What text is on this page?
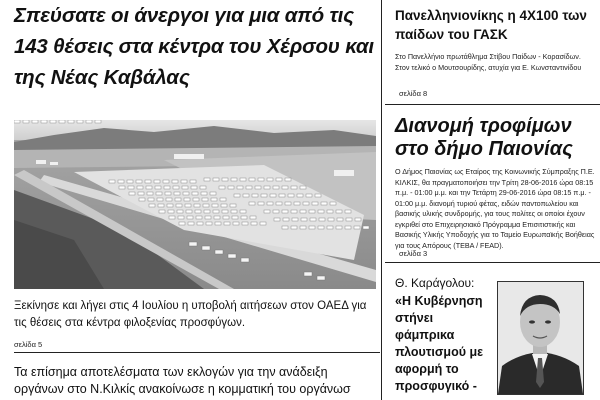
Σπεύσατε οι άνεργοι για μια από τις 143 θέσεις στα κέντρα του Χέρσου και της Νέας Καβάλας
Ξεκίνησε και λήγει στις 4 Ιουλίου η υποβολή αιτήσεων στον ΟΑΕΔ για τις θέσεις στα κέντρα φιλοξενίας προσφύγων.
σελίδα 5
Τα επίσημα αποτελέσματα των εκλογών για την ανάδειξη οργάνων στο Ν.Κιλκίς ανακοίνωσε η κομματική του οργάνωσ
Πανελληνιονίκης η 4Χ100 των παίδων του ΓΑΣΚ
Στο Πανελλήνιο πρωτάθλημα Στίβου Παίδων - Κορασίδων. Στον τελικό ο Μουτσουρίδης, ατυχία για Ε. Κωνσταντινίδου
σελίδα 8
Διανομή τροφίμων στο δήμο Παιονίας
Ο Δήμος Παιονίας ως Εταίρος της Κοινωνικής Σύμπραξης Π.Ε. ΚΙΛΚΙΣ, θα πραγματοποιήσει την Τρίτη 28-06-2016 ώρα 08:15 π.μ. - 01:00 μ.μ. και την Τετάρτη 29-06-2016 ώρα 08:15 π.μ. - 01:00 μ.μ. διανομή τυριού φέτας, ειδών παντοπωλείου και βασικής υλικής συνδρομής, για τους πολίτες οι οποίοι έχουν εγκριθεί στο Επιχειρησιακό Πρόγραμμα Επισιτιστικής και Βασικής Υλικής Υποδοχής για το Ταμείο Ευρωπαϊκής Βοήθειας για τους Απόρους (ΤΕΒΑ / FEAD).
σελίδα 3
Θ. Καράγολου:
«Η Κυβέρνηση στήνει φάμπρικα πλουτισμού με αφορμή το προσφυγικό -
